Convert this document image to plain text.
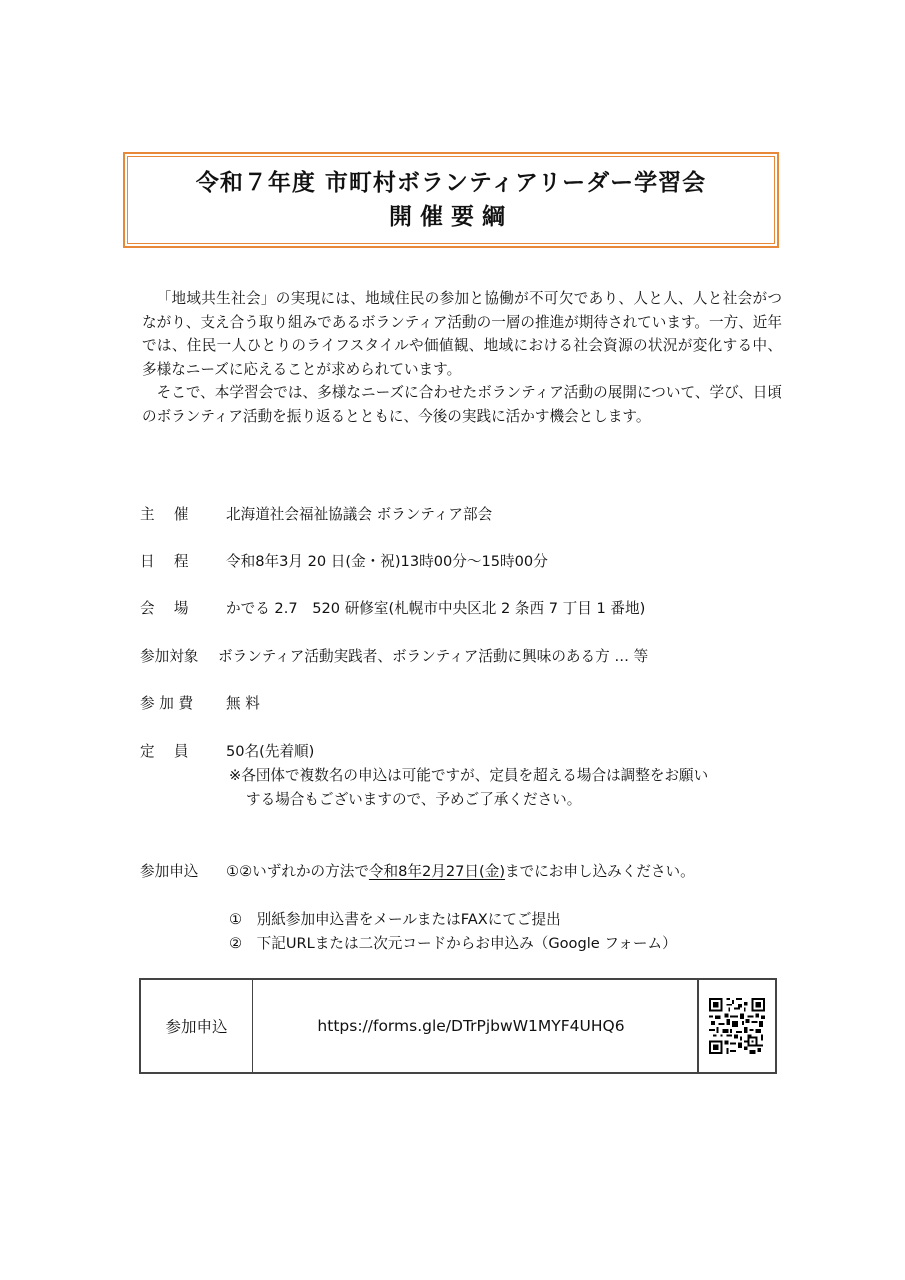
令和７年度 市町村ボランティアリーダー学習会
開催要綱

「地域共生社会」の実現には、地域住民の参加と協働が不可欠であり、人と人、人と社会がつながり、支え合う取り組みであるボランティア活動の一層の推進が期待されています。一方、近年では、住民一人ひとりのライフスタイルや価値観、地域における社会資源の状況が変化する中、多様なニーズに応えることが求められています。

そこで、本学習会では、多様なニーズに合わせたボランティア活動の展開について、学び、日頃のボランティア活動を振り返るとともに、今後の実践に活かす機会とします。

主　 催	北海道社会福祉協議会 ボランティア部会
日　 程	令和8年3月 20 日(金・祝)13時00分～15時00分
会　 場	かでる 2.7　520 研修室(札幌市中央区北 2 条西 7 丁目 1 番地)
参加対象 ボランティア活動実践者、ボランティア活動に興味のある方 … 等
参 加 費 無 料
定　 員	50名(先着順)
※各団体で複数名の申込は可能ですが、定員を超える場合は調整をお願い
する場合もございますので、予めご了承ください。
参加申込 ①②いずれかの方法で令和8年2月27日(金)までにお申し込みください。
①　別紙参加申込書をメールまたはFAXにてご提出
②　下記URLまたは二次元コードからお申込み（Google フォーム）
参加申込	https://forms.gle/DTrPjbwW1MYF4UHQ6
